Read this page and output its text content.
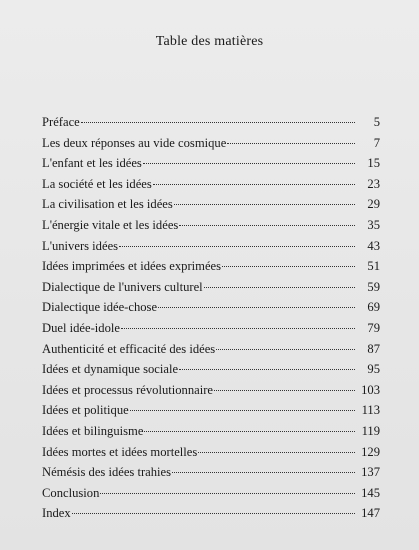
Table des matières
Préface	5
Les deux réponses au vide cosmique	7
L'enfant et les idées	15
La société et les idées	23
La civilisation et les idées	29
L'énergie vitale et les idées	35
L'univers idées	43
Idées imprimées et idées exprimées	51
Dialectique de l'univers culturel	59
Dialectique idée-chose	69
Duel idée-idole	79
Authenticité et efficacité des idées	87
Idées et dynamique sociale	95
Idées et processus révolutionnaire	103
Idées et politique	113
Idées et bilinguisme	119
Idées mortes et idées mortelles	129
Némésis des idées trahies	137
Conclusion	145
Index	147
